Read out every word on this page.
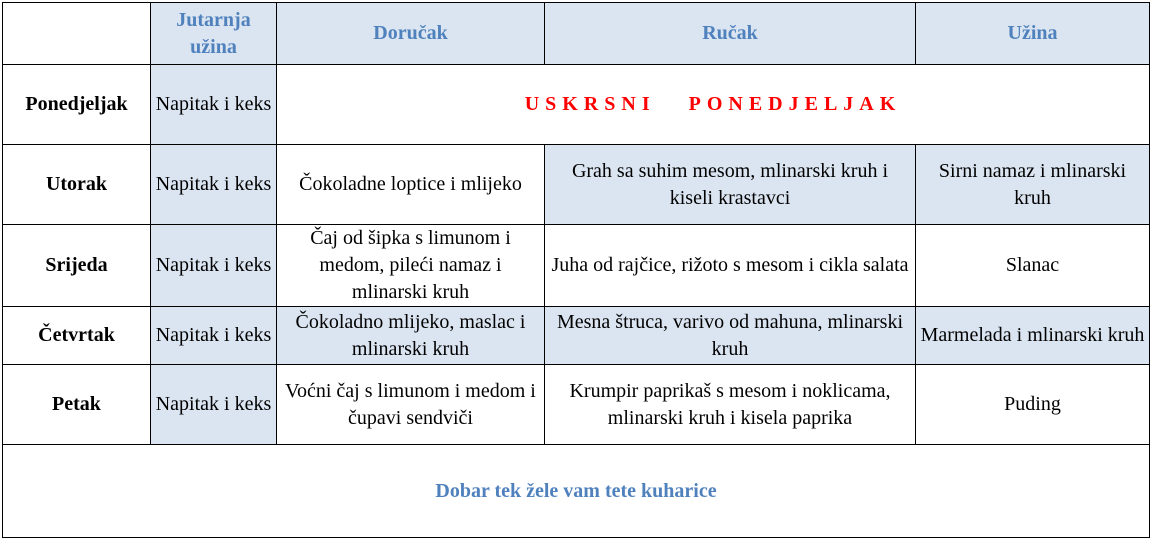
	Jutarnja užina	Doručak	Ručak	Užina
Ponedjeljak	Napitak i keks	USKRSNI   PONEDJELJAK		
Utorak	Napitak i keks	Čokoladne loptice i mlijeko	Grah sa suhim mesom, mlinarski kruh i kiseli krastavci	Sirni namaz i mlinarski kruh
Srijeda	Napitak i keks	Čaj od šipka s limunom i medom, pileći namaz i mlinarski kruh	Juha od rajčice, rižoto s mesom i cikla salata	Slanac
Četvrtak	Napitak i keks	Čokoladno mlijeko, maslac i mlinarski kruh	Mesna štruca, varivo od mahuna, mlinarski kruh	Marmelada i mlinarski kruh
Petak	Napitak i keks	Voćni čaj s limunom i medom i čupavi sendviči	Krumpir paprikaš s mesom i noklicama, mlinarski kruh i kisela paprika	Puding
Dobar tek žele vam tete kuharice				
